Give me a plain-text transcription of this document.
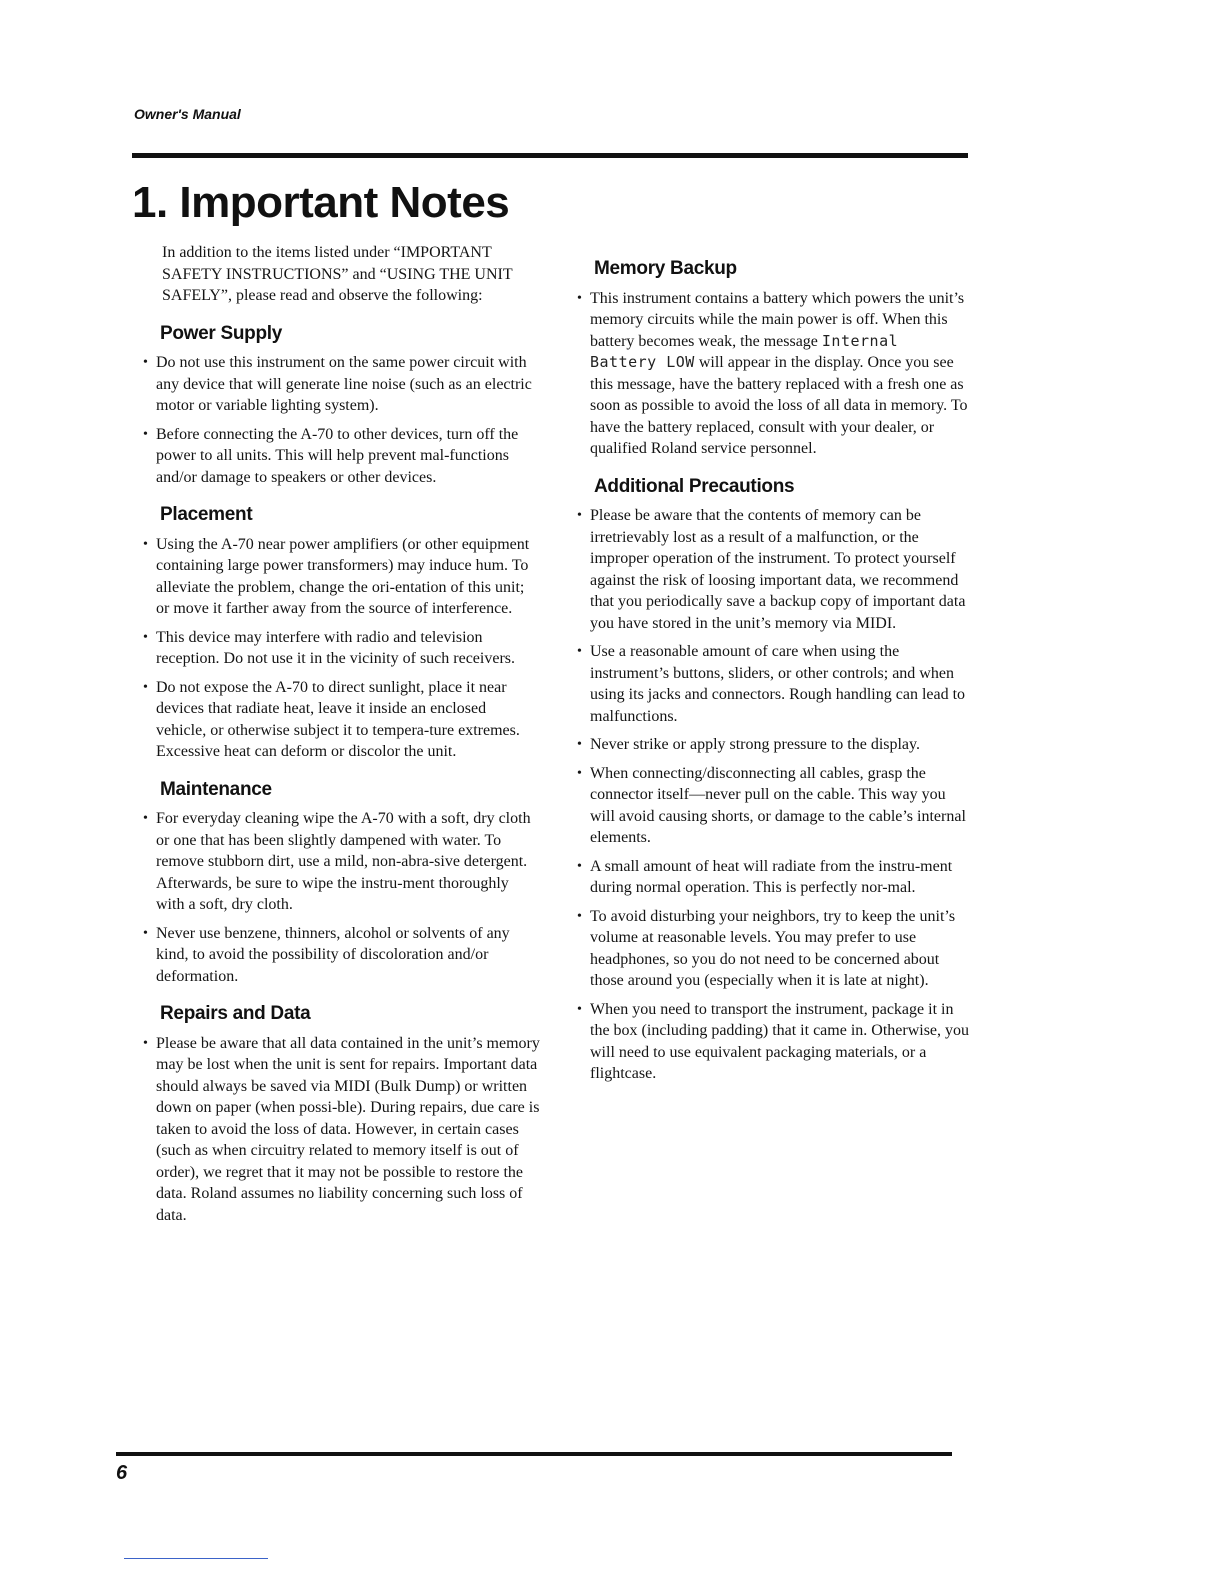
Owner's Manual
1. Important Notes

In addition to the items listed under “IMPORTANT SAFETY INSTRUCTIONS” and “USING THE UNIT SAFELY”, please read and observe the following:

Power Supply
• Do not use this instrument on the same power circuit with any device that will generate line noise (such as an electric motor or variable lighting system).
• Before connecting the A-70 to other devices, turn off the power to all units. This will help prevent mal-functions and/or damage to speakers or other devices.
Placement
• Using the A-70 near power amplifiers (or other equipment containing large power transformers) may induce hum. To alleviate the problem, change the ori-entation of this unit; or move it farther away from the source of interference.
• This device may interfere with radio and television reception. Do not use it in the vicinity of such receivers.
• Do not expose the A-70 to direct sunlight, place it near devices that radiate heat, leave it inside an enclosed vehicle, or otherwise subject it to tempera-ture extremes. Excessive heat can deform or discolor the unit.
Maintenance
• For everyday cleaning wipe the A-70 with a soft, dry cloth or one that has been slightly dampened with water. To remove stubborn dirt, use a mild, non-abra-sive detergent. Afterwards, be sure to wipe the instru-ment thoroughly with a soft, dry cloth.
• Never use benzene, thinners, alcohol or solvents of any kind, to avoid the possibility of discoloration and/or deformation.
Repairs and Data
• Please be aware that all data contained in the unit’s memory may be lost when the unit is sent for repairs. Important data should always be saved via MIDI (Bulk Dump) or written down on paper (when possi-ble). During repairs, due care is taken to avoid the loss of data. However, in certain cases (such as when circuitry related to memory itself is out of order), we regret that it may not be possible to restore the data. Roland assumes no liability concerning such loss of data.
Memory Backup
• This instrument contains a battery which powers the unit’s memory circuits while the main power is off. When this battery becomes weak, the message Internal Battery LOW will appear in the display. Once you see this message, have the battery replaced with a fresh one as soon as possible to avoid the loss of all data in memory. To have the battery replaced, consult with your dealer, or qualified Roland service personnel.
Additional Precautions
• Please be aware that the contents of memory can be irretrievably lost as a result of a malfunction, or the improper operation of the instrument. To protect yourself against the risk of loosing important data, we recommend that you periodically save a backup copy of important data you have stored in the unit’s memory via MIDI.
• Use a reasonable amount of care when using the instrument’s buttons, sliders, or other controls; and when using its jacks and connectors. Rough handling can lead to malfunctions.
• Never strike or apply strong pressure to the display.
• When connecting/disconnecting all cables, grasp the connector itself—never pull on the cable. This way you will avoid causing shorts, or damage to the cable’s internal elements.
• A small amount of heat will radiate from the instru-ment during normal operation. This is perfectly nor-mal.
• To avoid disturbing your neighbors, try to keep the unit’s volume at reasonable levels. You may prefer to use headphones, so you do not need to be concerned about those around you (especially when it is late at night).
• When you need to transport the instrument, package it in the box (including padding) that it came in. Otherwise, you will need to use equivalent packaging materials, or a flightcase.
6
